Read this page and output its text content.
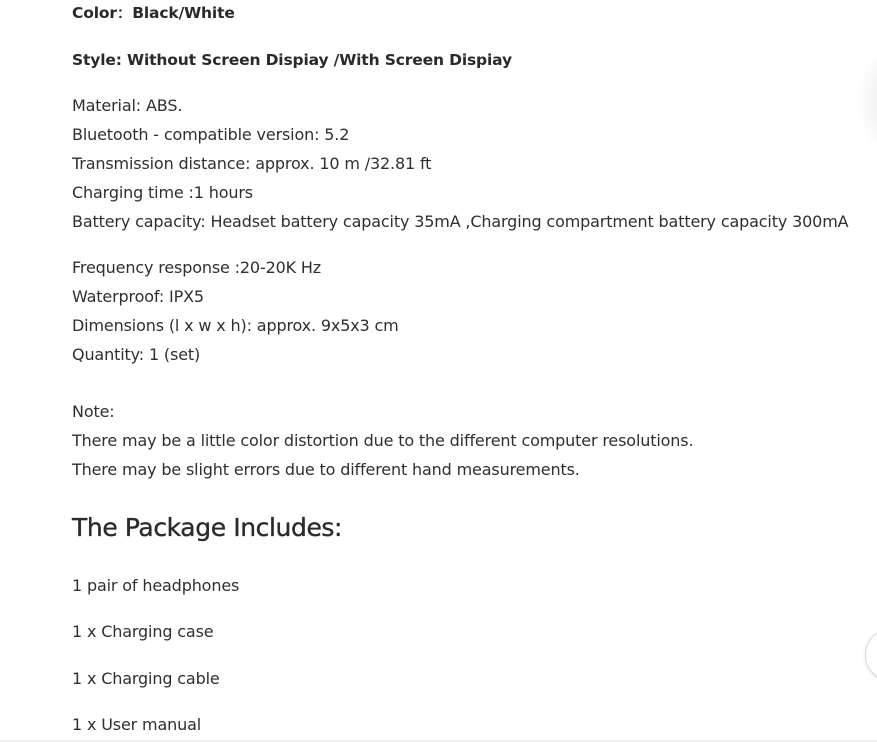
Color：Black/White
Style: Without Screen Dispiay /With Screen Dispiay
Material: ABS.
Bluetooth - compatible version: 5.2
Transmission distance: approx. 10 m /32.81 ft
Charging time :1 hours
Battery capacity: Headset battery capacity 35mA ,Charging compartment battery capacity 300mA
Frequency response :20-20K Hz
Waterproof: IPX5
Dimensions (l x w x h): approx. 9x5x3 cm
Quantity: 1 (set)
Note:
There may be a little color distortion due to the different computer resolutions.
There may be slight errors due to different hand measurements.
The Package Includes:
1 pair of headphones
1 x Charging case
1 x Charging cable
1 x User manual
